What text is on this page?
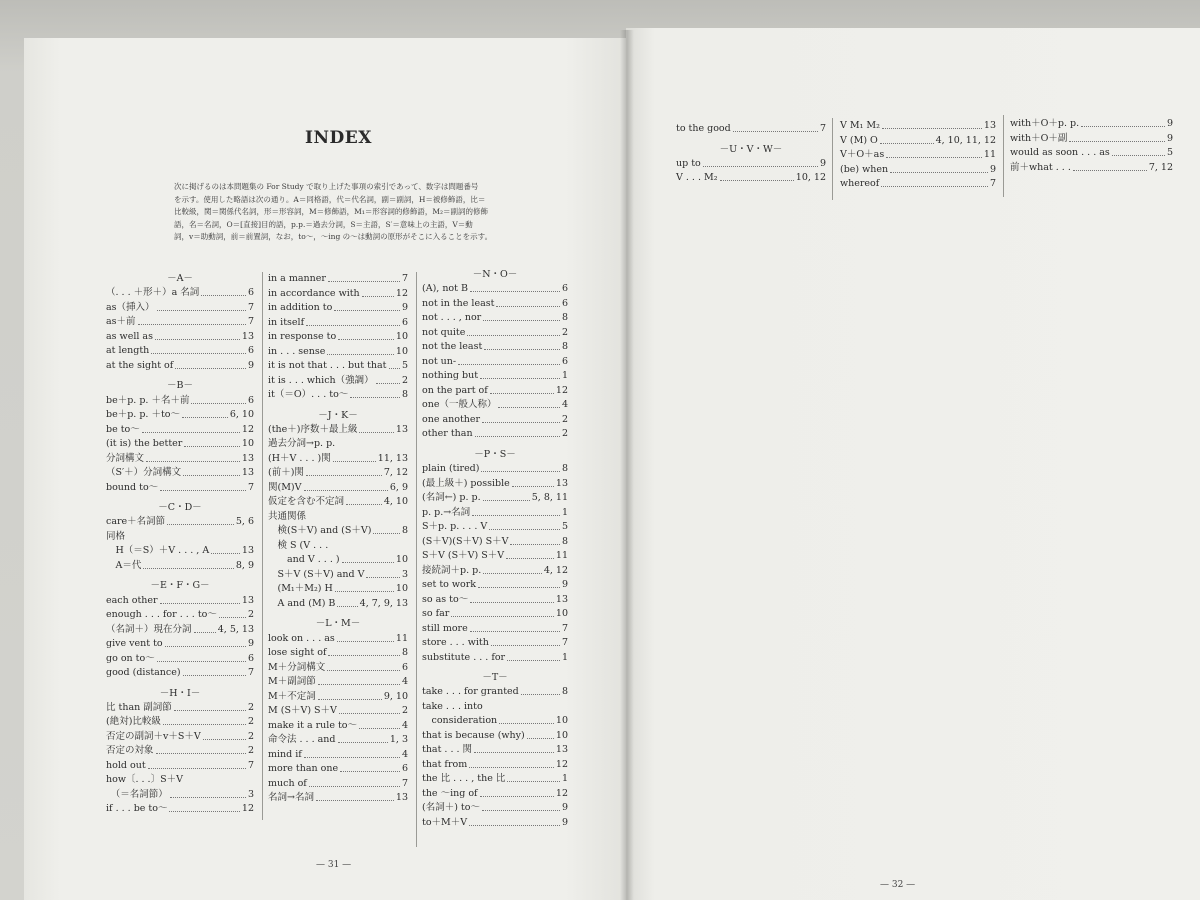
INDEX

次に掲げるのは本問題集の For Study で取り上げた事項の索引であって、数字は問題番号

を示す。使用した略語は次の通り。A＝同格語，代＝代名詞，副＝副詞，H＝被修飾語，比＝

比較級，関＝関係代名詞，形＝形容詞，M＝修飾語，M₁＝形容詞的修飾語，M₂＝副詞的修飾

語，名＝名詞，O＝[直接]目的語，p.p.＝過去分詞，S＝主語，S′＝意味上の主語，V＝動

詞，v＝助動詞，前＝前置詞，なお，to～，～ing の～は動詞の原形がそこに入ることを示す。

－A－
（. . . ＋形＋）a 名詞	6
as（挿入）	7
as＋前	7
as well as	13
at length	6
at the sight of	9
－B－
be＋p. p. ＋名＋前	6
be＋p. p. ＋to～	6, 10
be to～	12
(it is) the better	10
分詞構文	13
（S′＋）分詞構文	13
bound to～	7
－C・D－
care＋名詞節	5, 6
同格
　H（＝S）＋V . . . , A	13
　A＝代	8, 9
－E・F・G－
each other	13
enough . . . for . . . to～	2
（名詞＋）現在分詞	4, 5, 13
give vent to	9
go on to～	6
good (distance)	7
－H・I－
比 than 副詞節	2
(絶対)比較級	2
否定の副詞＋v＋S＋V	2
否定の対象	2
hold out	7
how〔. . .〕S＋V
　（＝名詞節）	3
if . . . be to～	12
in a manner	7
in accordance with	12
in addition to	9
in itself	6
in response to	10
in . . . sense	10
it is not that . . . but that 5
it is . . . which（強調）	2
it（＝O）. . . to～	8
－J・K－
(the＋)序数＋最上級	13
過去分詞→p. p.
(H＋V . . . )関	11, 13
(前＋)関	7, 12
関(M)V	6, 9
仮定を含む不定詞	4, 10
共通関係
　検(S＋V) and (S＋V)	8
　検 S (V . . .
　　and V . . . )	10
　S＋V (S＋V) and V	3
　(M₁＋M₂) H	10
　A and (M) B	4, 7, 9, 13
－L・M－
look on . . . as	11
lose sight of	8
M＋分詞構文	6
M＋副詞節	4
M＋不定詞	9, 10
M (S＋V) S＋V	2
make it a rule to～	4
命令法 . . . and	1, 3
mind if	4
more than one	6
much of	7
名詞→名詞	13
－N・O－
(A), not B	6
not in the least	6
not . . . , nor	8
not quite	2
not the least	8
not un-	6
nothing but	1
on the part of	12
one（一般人称）	4
one another	2
other than	2
－P・S－
plain (tired)	8
(最上級＋) possible	13
(名詞←) p. p.	5, 8, 11
p. p.→名詞	1
S＋p. p. . . . V	5
(S＋V)(S＋V) S＋V	8
S＋V (S＋V) S＋V	11
接続詞＋p. p.	4, 12
set to work	9
so as to～	13
so far	10
still more	7
store . . . with	7
substitute . . . for	1
－T－
take . . . for granted	8
take . . . into
　consideration	10
that is because (why)	10
that . . . 関	13
that from	12
the 比 . . . , the 比	1
the ～ing of	12
(名詞＋) to～	9
to＋M＋V	9
to the good	7
－U・V・W－
up to	9
V . . . M₂	10, 12
V M₁ M₂	13
V (M) O	4, 10, 11, 12
V＋O＋as	11
(be) when	9
whereof	7
with＋O＋p. p.	9
with＋O＋副	9
would as soon . . . as	5
前＋what . . .	7, 12
— 31 —
— 32 —
